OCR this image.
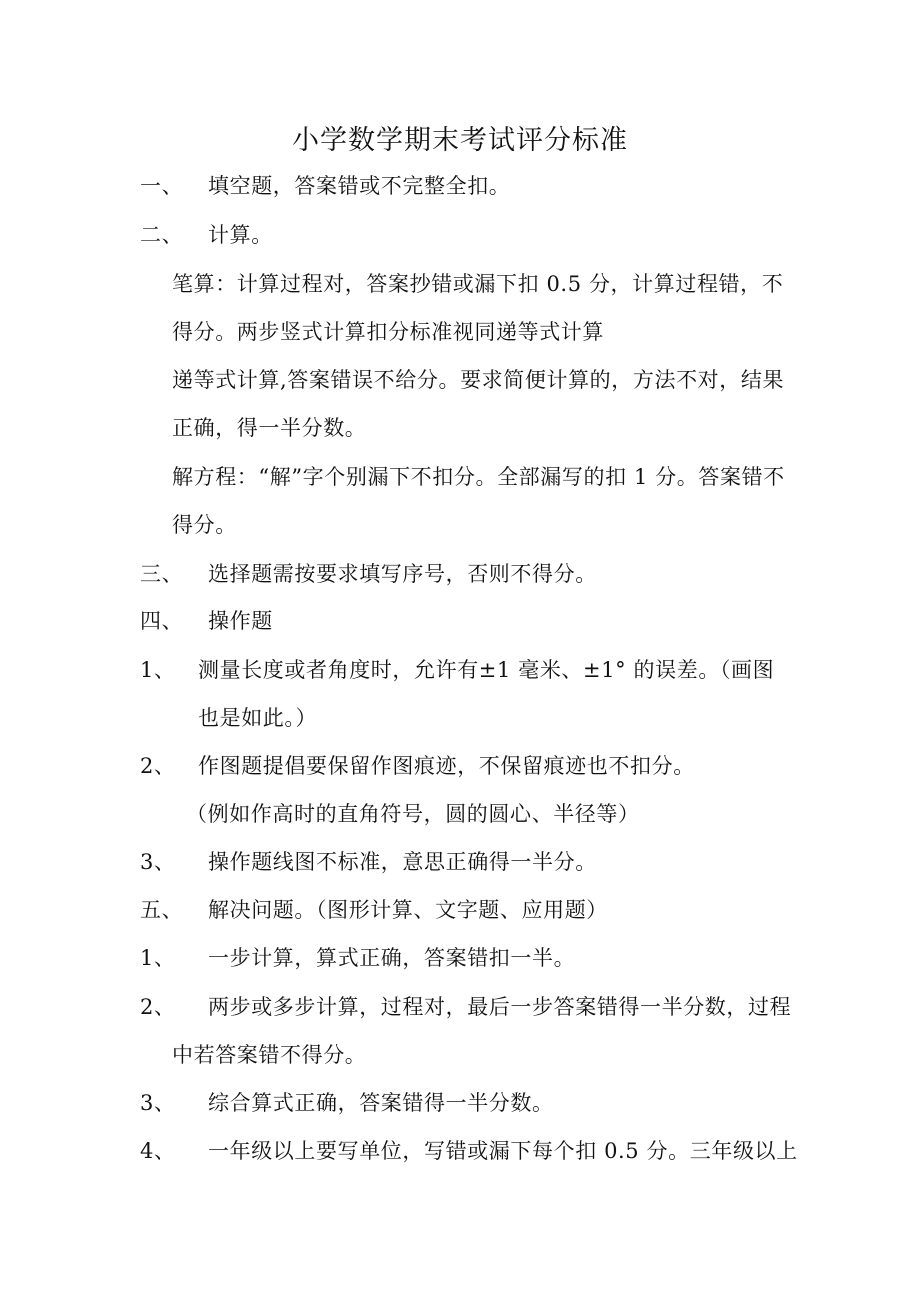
小学数学期末考试评分标准
一、 填空题，答案错或不完整全扣。
二、 计算。
笔算：计算过程对，答案抄错或漏下扣 0.5 分，计算过程错，不
得分。两步竖式计算扣分标准视同递等式计算
递等式计算,答案错误不给分。要求简便计算的，方法不对，结果
正确，得一半分数。
解方程：“解”字个别漏下不扣分。全部漏写的扣 1 分。答案错不
得分。
三、 选择题需按要求填写序号，否则不得分。
四、 操作题
1、 测量长度或者角度时，允许有±1 毫米、±1° 的误差。（画图
也是如此。）
2、 作图题提倡要保留作图痕迹，不保留痕迹也不扣分。
（例如作高时的直角符号，圆的圆心、半径等）
3、 操作题线图不标准，意思正确得一半分。
五、 解决问题。（图形计算、文字题、应用题）
1、 一步计算，算式正确，答案错扣一半。
2、 两步或多步计算，过程对，最后一步答案错得一半分数，过程
中若答案错不得分。
3、 综合算式正确，答案错得一半分数。
4、 一年级以上要写单位，写错或漏下每个扣 0.5 分。三年级以上
